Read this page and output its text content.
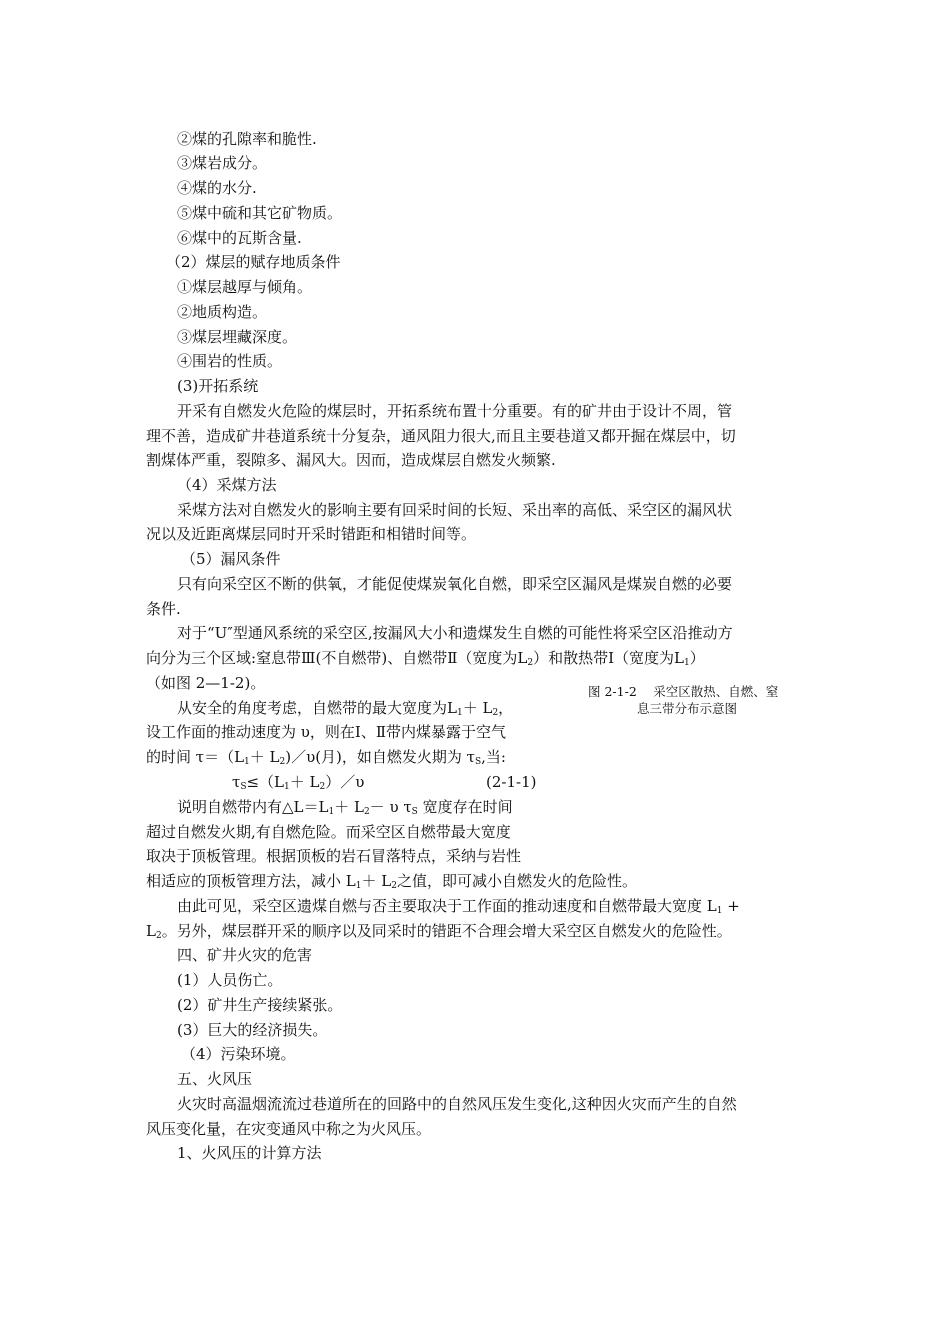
②煤的孔隙率和脆性.
③煤岩成分。
④煤的水分.
⑤煤中硫和其它矿物质。
⑥煤中的瓦斯含量.
（2）煤层的赋存地质条件
①煤层越厚与倾角。
②地质构造。
③煤层埋藏深度。
④围岩的性质。
(3)开拓系统
开采有自燃发火危险的煤层时，开拓系统布置十分重要。有的矿井由于设计不周，管
理不善，造成矿井巷道系统十分复杂，通风阻力很大,而且主要巷道又都开掘在煤层中，切
割煤体严重，裂隙多、漏风大。因而，造成煤层自燃发火频繁.
（4）采煤方法
采煤方法对自燃发火的影响主要有回采时间的长短、采出率的高低、采空区的漏风状
况以及近距离煤层同时开采时错距和相错时间等。
（5）漏风条件
只有向采空区不断的供氧，才能促使煤炭氧化自燃，即采空区漏风是煤炭自燃的必要
条件.
对于“U″型通风系统的采空区,按漏风大小和遗煤发生自燃的可能性将采空区沿推动方
向分为三个区域:窒息带Ⅲ(不自燃带)、自燃带Ⅱ（宽度为$L_2$）和散热带Ⅰ（宽度为$L_1$）
（如图 2—1-2)。	图 2-1-2　 采空区散热、自燃、窒
息三带分布示意图
从安全的角度考虑，自燃带的最大宽度为$L_1+ L_2$，
设工作面的推动速度为 υ，则在Ⅰ、Ⅱ带内煤暴露于空气
的时间 $\tau=(L_1+$ $L_2)/\upsilon$(月)，如自燃发火期为 $\tau_S$,当:
$\tau_S\le(L_1+$ $L_2)/\upsilon$	(2-1-1)
说明自燃带内有$\triangle L=L_1+ L_2- \upsilon$ $\tau_S$ 宽度存在时间
超过自燃发火期,有自燃危险。而采空区自燃带最大宽度
取决于顶板管理。根据顶板的岩石冒落特点，采纳与岩性
相适应的顶板管理方法，减小 $L_1+ L_2$之值，即可减小自燃发火的危险性。
由此可见，采空区遗煤自燃与否主要取决于工作面的推动速度和自燃带最大宽度 $L_1$ +
$L_2$。另外，煤层群开采的顺序以及同采时的错距不合理会增大采空区自燃发火的危险性。
四、矿井火灾的危害
(1）人员伤亡。
(2）矿井生产接续紧张。
(3）巨大的经济损失。
（4）污染环境。
五、火风压
火灾时高温烟流流过巷道所在的回路中的自然风压发生变化,这种因火灾而产生的自然
风压变化量，在灾变通风中称之为火风压。
1、火风压的计算方法
